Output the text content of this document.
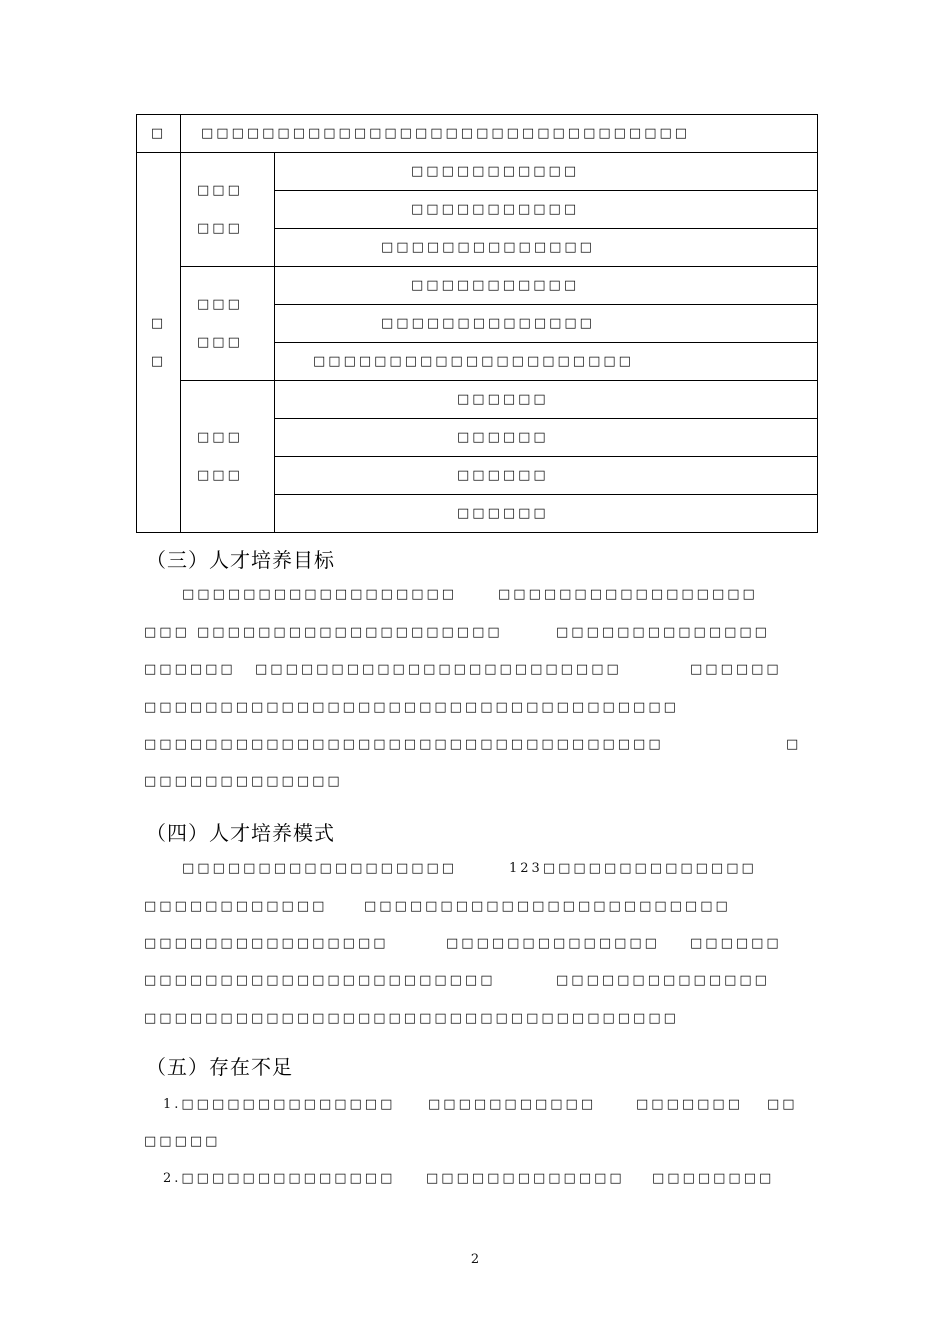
□	□□□□□□□□□□□□□□□□□□□□□□□□□□□□□□□□	

□
□	□□□
□□□	□□□□□□□□□□□
		□□□□□□□□□□□
		□□□□□□□□□□□□□□

	□□□
□□□	□□□□□□□□□□□
		□□□□□□□□□□□□□□
		□□□□□□□□□□□□□□□□□□□□□

	□□□
□□□	□□□□□□
		□□□□□□
		□□□□□□
		□□□□□□
（三）人才培养目标
□□□□□□□□□□□□□□□□□□	□□□□□□□□□□□□□□□□□
□□□ □□□□□□□□□□□□□□□□□□□□	□□□□□□□□□□□□□□
□□□□□□ □□□□□□□□□□□□□□□□□□□□□□□□	□□□□□□
□□□□□□□□□□□□□□□□□□□□□□□□□□□□□□□□□□□
□□□□□□□□□□□□□□□□□□□□□□□□□□□□□□□□□□	□
□□□□□□□□□□□□□
（四）人才培养模式
□□□□□□□□□□□□□□□□□□	123□□□□□□□□□□□□□□
□□□□□□□□□□□□	□□□□□□□□□□□□□□□□□□□□□□□□
□□□□□□□□□□□□□□□□	□□□□□□□□□□□□□□ □□□□□□
□□□□□□□□□□□□□□□□□□□□□□□	□□□□□□□□□□□□□□
□□□□□□□□□□□□□□□□□□□□□□□□□□□□□□□□□□□
（五）存在不足
1.□□□□□□□□□□□□□□	□□□□□□□□□□□	□□□□□□□ □□
□□□□□
2.□□□□□□□□□□□□□□ □□□□□□□□□□□□□ □□□□□□□□
2
